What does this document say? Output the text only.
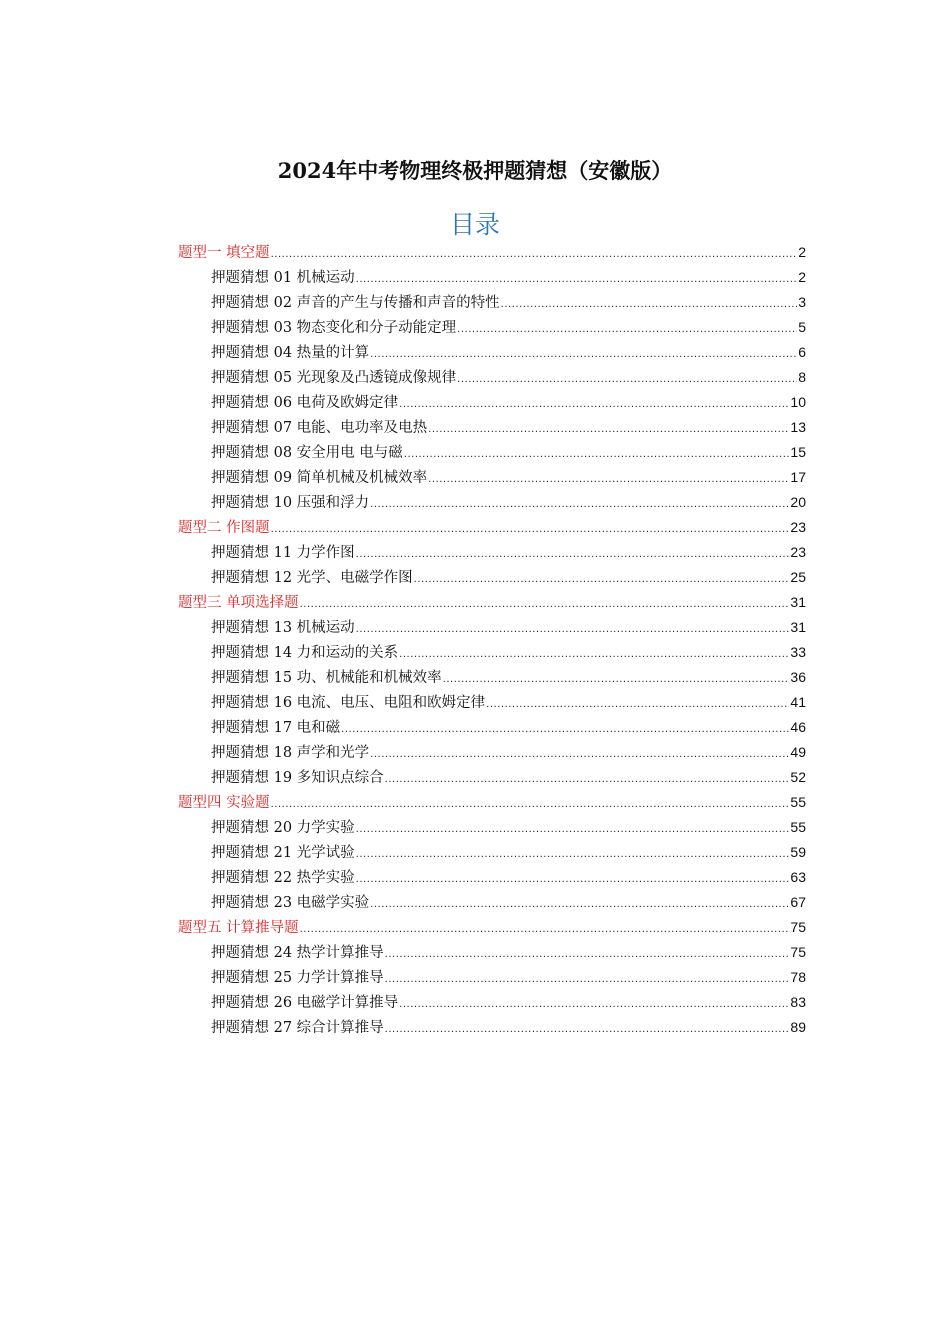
2024年中考物理终极押题猜想（安徽版）
目录
题型一 填空题 .....	2
押题猜想 01 机械运动 .....	2
押题猜想 02 声音的产生与传播和声音的特性 .....	3
押题猜想 03 物态变化和分子动能定理 .....	5
押题猜想 04 热量的计算 .....	6
押题猜想 05 光现象及凸透镜成像规律 .....	8
押题猜想 06 电荷及欧姆定律 .....	10
押题猜想 07 电能、电功率及电热 .....	13
押题猜想 08 安全用电 电与磁 .....	15
押题猜想 09 简单机械及机械效率 .....	17
押题猜想 10 压强和浮力 .....	20
题型二 作图题 .....	23
押题猜想 11 力学作图 .....	23
押题猜想 12 光学、电磁学作图 .....	25
题型三 单项选择题 .....	31
押题猜想 13 机械运动 .....	31
押题猜想 14 力和运动的关系 .....	33
押题猜想 15 功、机械能和机械效率 .....	36
押题猜想 16 电流、电压、电阻和欧姆定律 .....	41
押题猜想 17 电和磁 .....	46
押题猜想 18 声学和光学 .....	49
押题猜想 19 多知识点综合 .....	52
题型四 实验题 .....	55
押题猜想 20 力学实验 .....	55
押题猜想 21 光学试验 .....	59
押题猜想 22 热学实验 .....	63
押题猜想 23 电磁学实验 .....	67
题型五 计算推导题 .....	75
押题猜想 24 热学计算推导 .....	75
押题猜想 25 力学计算推导 .....	78
押题猜想 26 电磁学计算推导 .....	83
押题猜想 27 综合计算推导 .....	89
